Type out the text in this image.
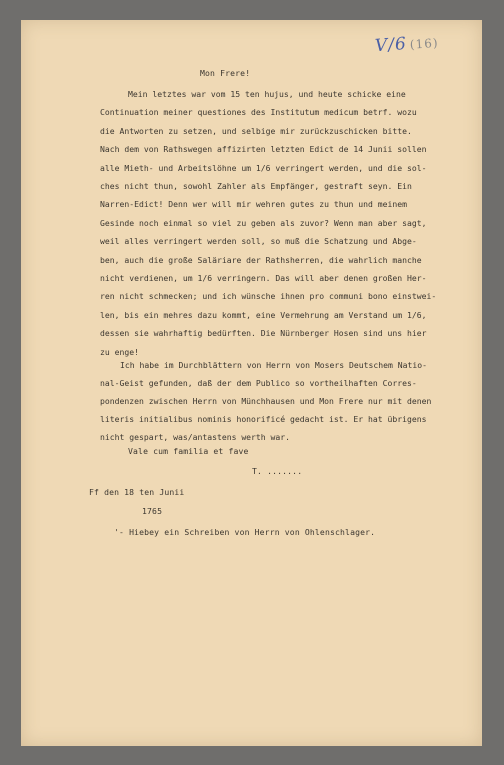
V/6 (16)
Mon Frere!
Mein letztes war vom 15 ten hujus, und heute schicke eine
Continuation meiner questiones des Institutum medicum betrf. wozu
die Antworten zu setzen, und selbige mir zurückzuschicken bitte.
Nach dem von Rathswegen affizirten letzten Edict de 14 Junii sollen
alle Mieth- und Arbeitslöhne um 1/6 verringert werden, und die sol-
ches nicht thun, sowohl Zahler als Empfänger, gestraft seyn. Ein
Narren-Edict! Denn wer will mir wehren gutes zu thun und meinem
Gesinde noch einmal so viel zu geben als zuvor? Wenn man aber sagt,
weil alles verringert werden soll, so muß die Schatzung und Abge-
ben, auch die große Saläriare der Rathsherren, die wahrlich manche
nicht verdienen, um 1/6 verringern. Das will aber denen großen Her-
ren nicht schmecken; und ich wünsche ihnen pro communi bono einstwei-
len, bis ein mehres dazu kommt, eine Vermehrung am Verstand um 1/6,
dessen sie wahrhaftig bedürften. Die Nürnberger Hosen sind uns hier
zu enge!
Ich habe im Durchblättern von Herrn von Mosers Deutschem Natio-
nal-Geist gefunden, daß der dem Publico so vortheilhaften Corres-
pondenzen zwischen Herrn von Münchhausen und Mon Frere nur mit denen
literis initialibus nominis honorificé gedacht ist. Er hat übrigens
nicht gespart, was/antastens werth war.
Vale cum familia et fave
T. .......
Ff den 18 ten Junii
1765
'- Hiebey ein Schreiben von Herrn von Ohlenschlager.
